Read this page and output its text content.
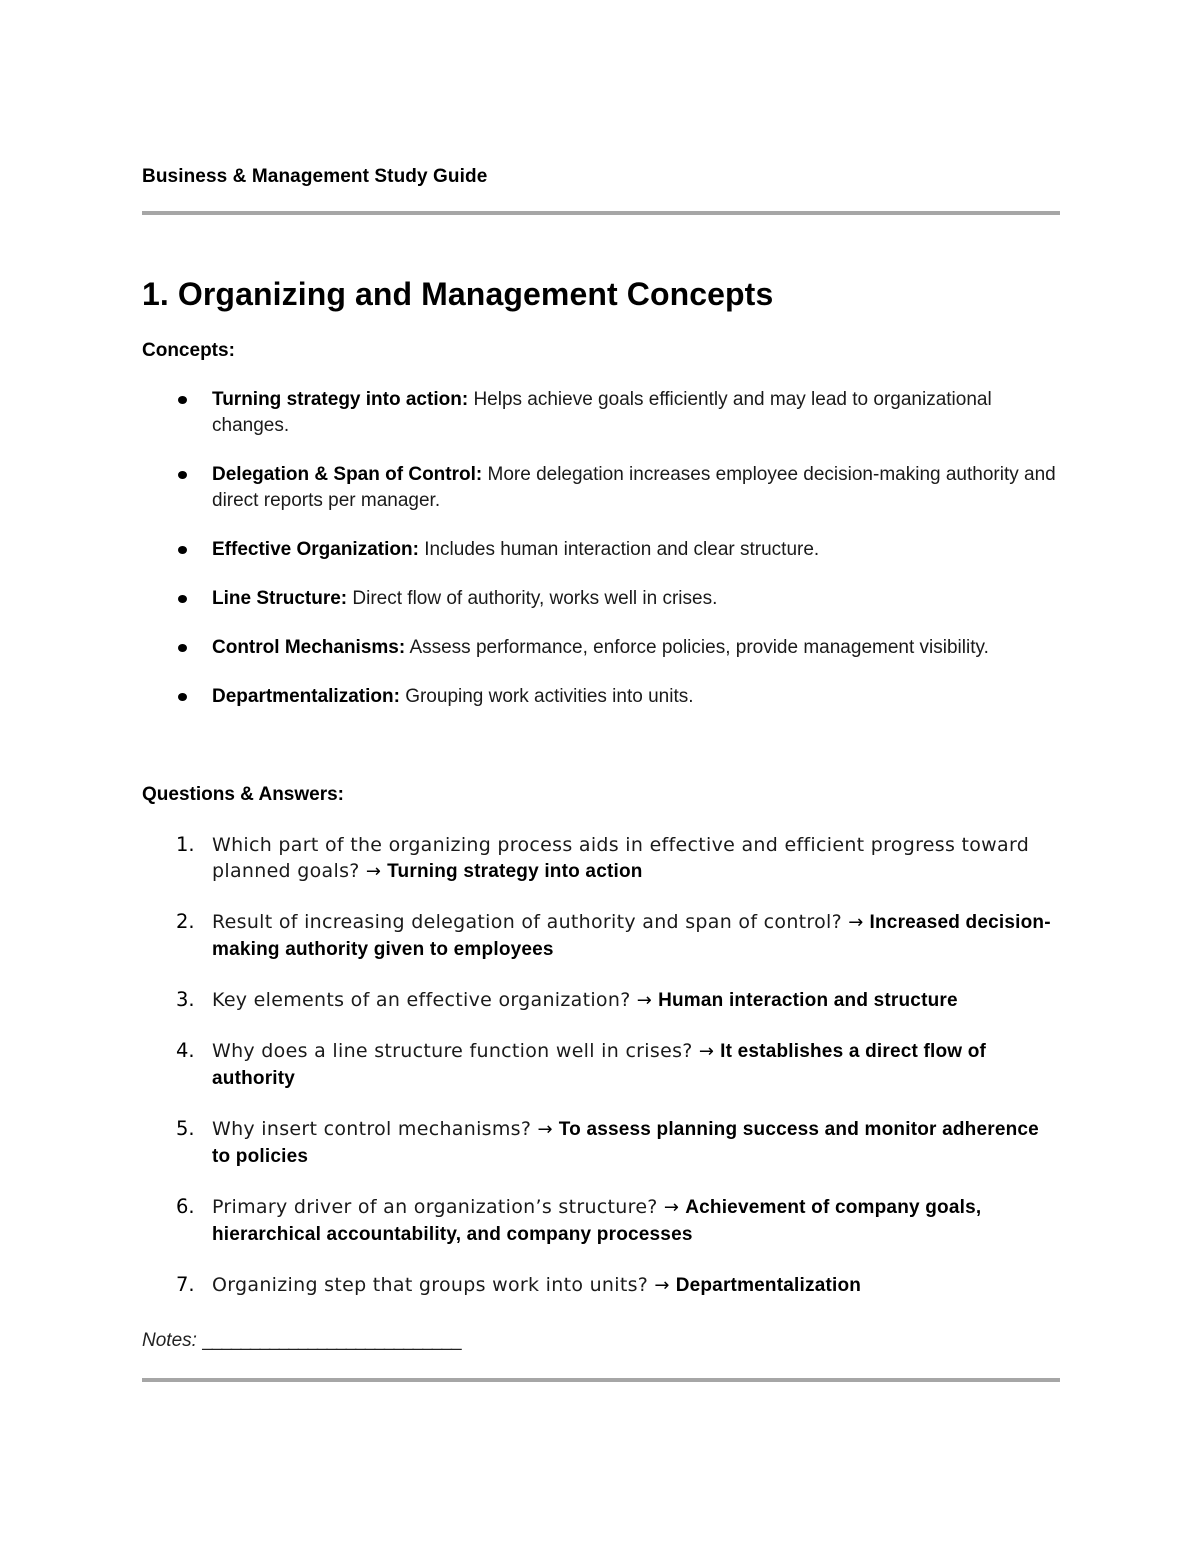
Business & Management Study Guide
1. Organizing and Management Concepts
Concepts:
Turning strategy into action: Helps achieve goals efficiently and may lead to organizational changes.
Delegation & Span of Control: More delegation increases employee decision-making authority and direct reports per manager.
Effective Organization: Includes human interaction and clear structure.
Line Structure: Direct flow of authority, works well in crises.
Control Mechanisms: Assess performance, enforce policies, provide management visibility.
Departmentalization: Grouping work activities into units.
Questions & Answers:
1. Which part of the organizing process aids in effective and efficient progress toward planned goals? → Turning strategy into action
2. Result of increasing delegation of authority and span of control? → Increased decision-making authority given to employees
3. Key elements of an effective organization? → Human interaction and structure
4. Why does a line structure function well in crises? → It establishes a direct flow of authority
5. Why insert control mechanisms? → To assess planning success and monitor adherence to policies
6. Primary driver of an organization’s structure? → Achievement of company goals, hierarchical accountability, and company processes
7. Organizing step that groups work into units? → Departmentalization
Notes: ___________________________
